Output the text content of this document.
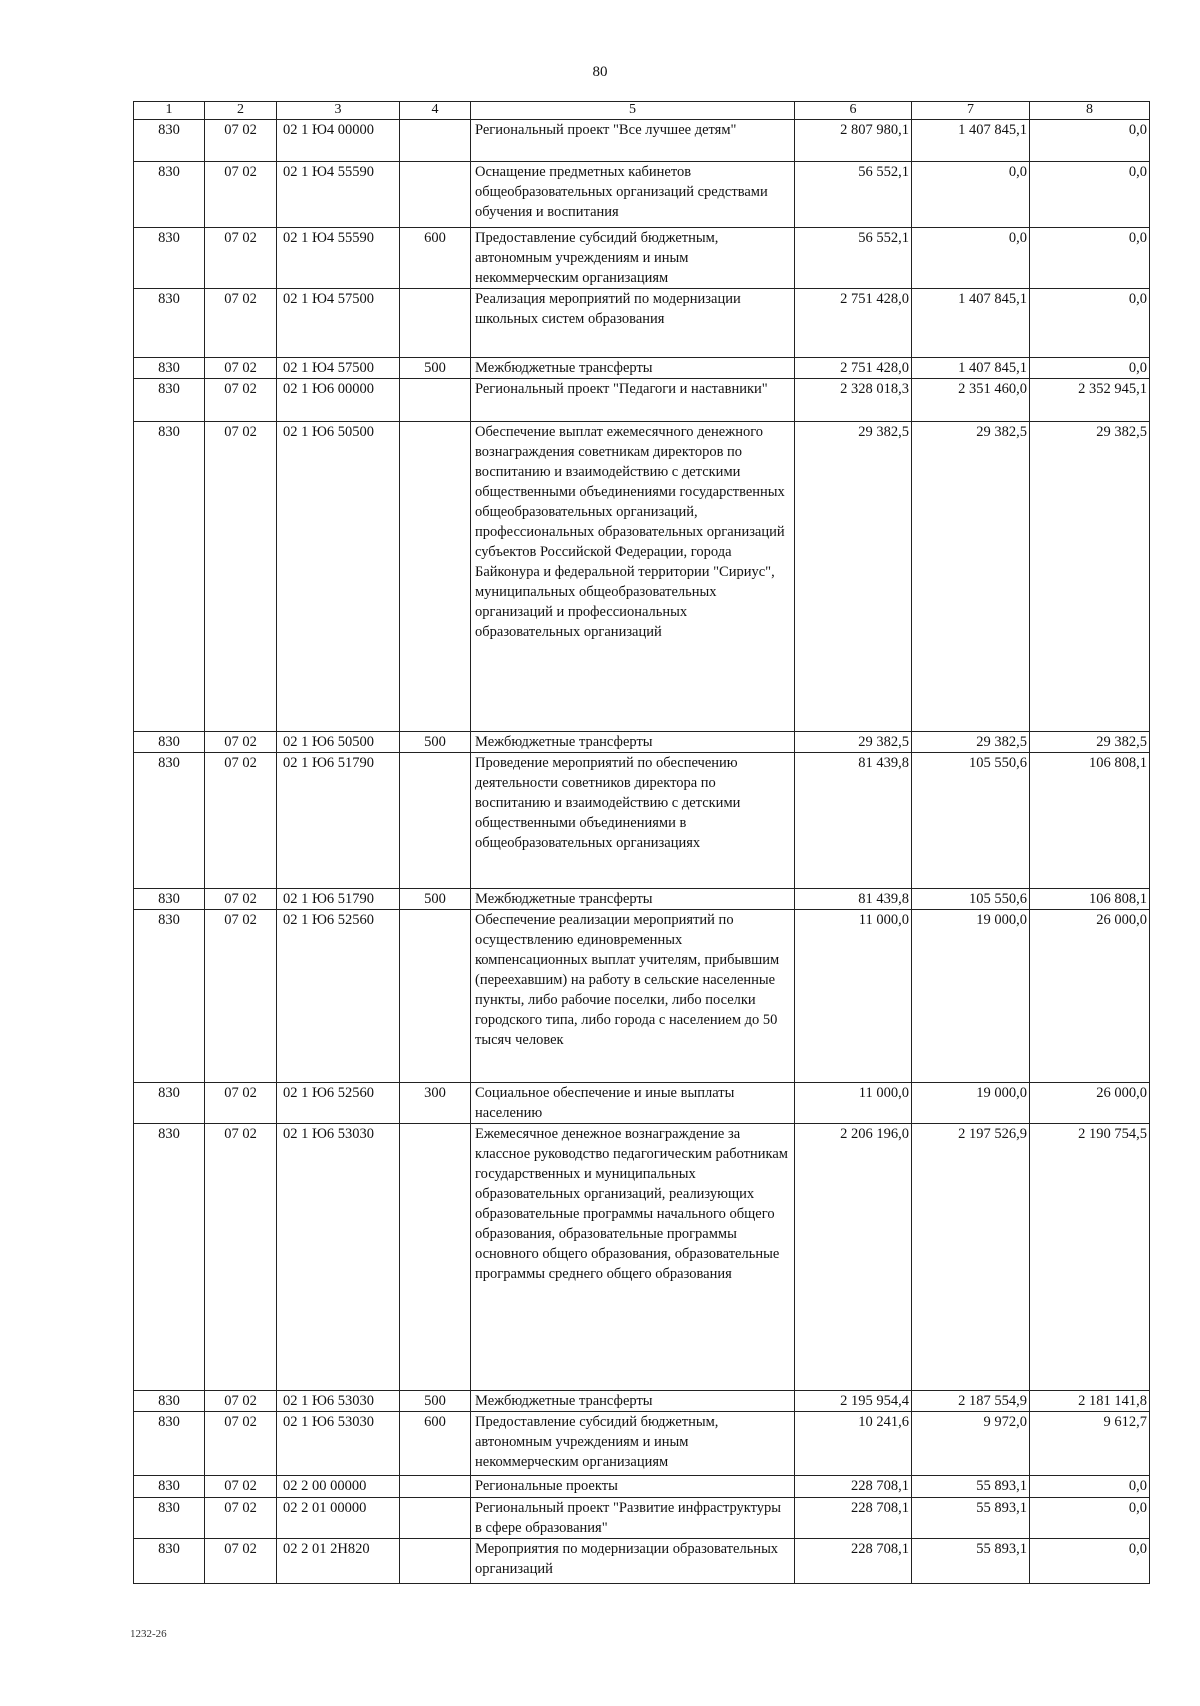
80
1	2	3	4	5	6	7	8
830	07 02	02 1 Ю4 00000		Региональный проект "Все лучшее детям"	2 807 980,1	1 407 845,1	0,0
830	07 02	02 1 Ю4 55590		Оснащение предметных кабинетов общеобразовательных организаций средствами обучения и воспитания	56 552,1	0,0	0,0
830	07 02	02 1 Ю4 55590	600	Предоставление субсидий бюджетным, автономным учреждениям и иным некоммерческим организациям	56 552,1	0,0	0,0
830	07 02	02 1 Ю4 57500		Реализация мероприятий по модернизации школьных систем образования	2 751 428,0	1 407 845,1	0,0
830	07 02	02 1 Ю4 57500	500	Межбюджетные трансферты	2 751 428,0	1 407 845,1	0,0
830	07 02	02 1 Ю6 00000		Региональный проект "Педагоги и наставники"	2 328 018,3	2 351 460,0	2 352 945,1
830	07 02	02 1 Ю6 50500		Обеспечение выплат ежемесячного денежного вознаграждения советникам директоров по воспитанию и взаимодействию с детскими общественными объединениями государственных общеобразовательных организаций, профессиональных образовательных организаций субъектов Российской Федерации, города Байконура и федеральной территории "Сириус", муниципальных общеобразовательных организаций и профессиональных образовательных организаций	29 382,5	29 382,5	29 382,5
830	07 02	02 1 Ю6 50500	500	Межбюджетные трансферты	29 382,5	29 382,5	29 382,5
830	07 02	02 1 Ю6 51790		Проведение мероприятий по обеспечению деятельности советников директора по воспитанию и взаимодействию с детскими общественными объединениями в общеобразовательных организациях	81 439,8	105 550,6	106 808,1
830	07 02	02 1 Ю6 51790	500	Межбюджетные трансферты	81 439,8	105 550,6	106 808,1
830	07 02	02 1 Ю6 52560		Обеспечение реализации мероприятий по осуществлению единовременных компенсационных выплат учителям, прибывшим (переехавшим) на работу в сельские населенные пункты, либо рабочие поселки, либо поселки городского типа, либо города с населением до 50 тысяч человек	11 000,0	19 000,0	26 000,0
830	07 02	02 1 Ю6 52560	300	Социальное обеспечение и иные выплаты населению	11 000,0	19 000,0	26 000,0
830	07 02	02 1 Ю6 53030		Ежемесячное денежное вознаграждение за классное руководство педагогическим работникам государственных и муниципальных образовательных организаций, реализующих образовательные программы начального общего образования, образовательные программы основного общего образования, образовательные программы среднего общего образования	2 206 196,0	2 197 526,9	2 190 754,5
830	07 02	02 1 Ю6 53030	500	Межбюджетные трансферты	2 195 954,4	2 187 554,9	2 181 141,8
830	07 02	02 1 Ю6 53030	600	Предоставление субсидий бюджетным, автономным учреждениям и иным некоммерческим организациям	10 241,6	9 972,0	9 612,7
830	07 02	02 2 00 00000		Региональные проекты	228 708,1	55 893,1	0,0
830	07 02	02 2 01 00000		Региональный проект "Развитие инфраструктуры в сфере образования"	228 708,1	55 893,1	0,0
830	07 02	02 2 01 2Н820		Мероприятия по модернизации образовательных организаций	228 708,1	55 893,1	0,0
1232-26
